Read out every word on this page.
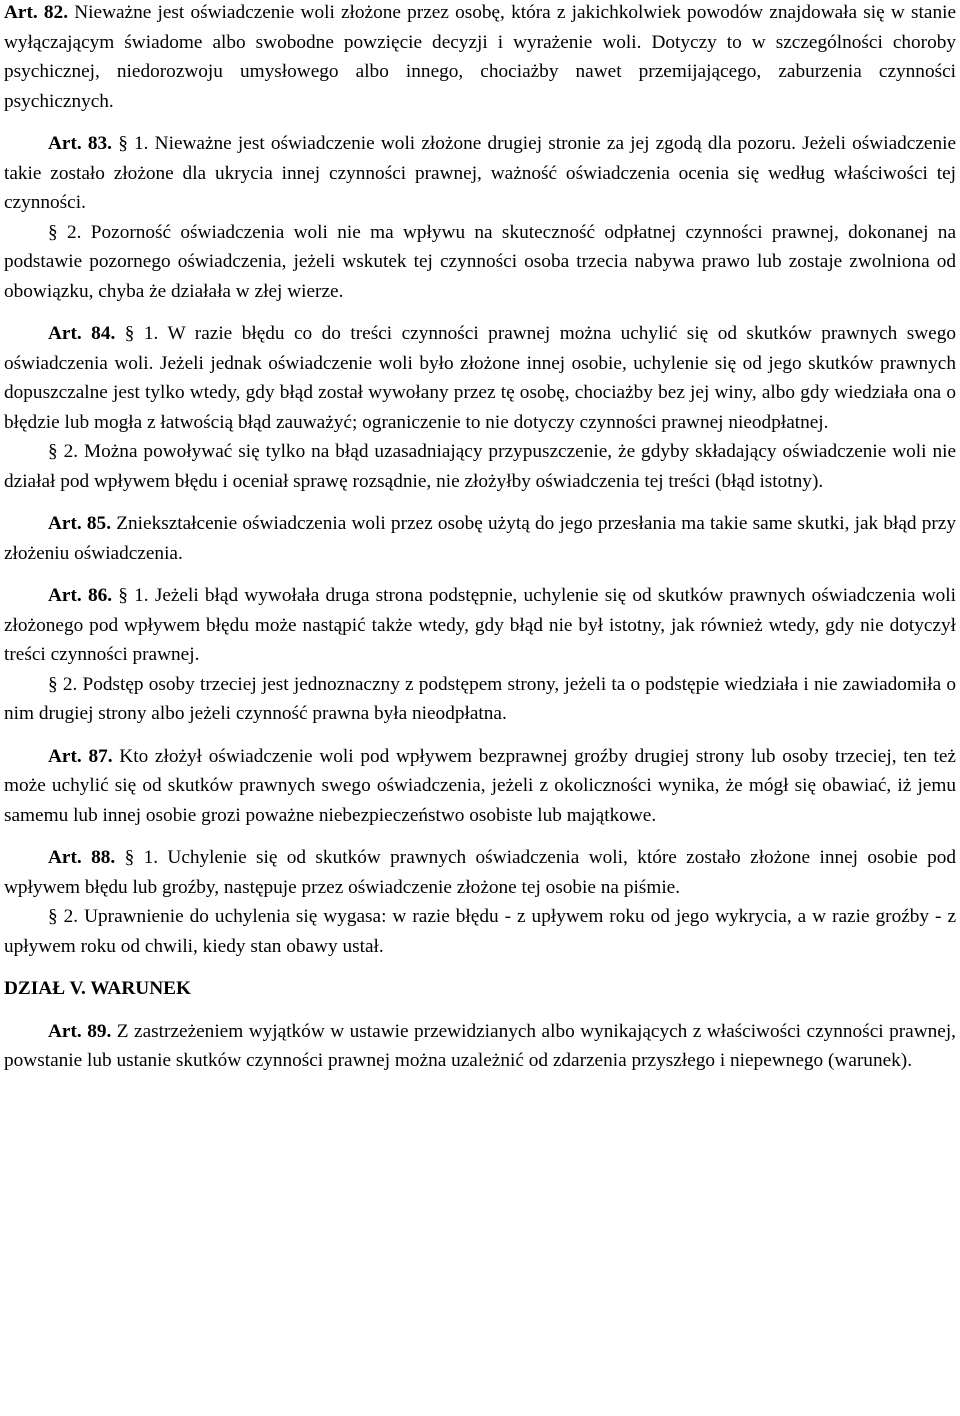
Art. 82. Nieważne jest oświadczenie woli złożone przez osobę, która z jakichkolwiek powodów znajdowała się w stanie wyłączającym świadome albo swobodne powzięcie decyzji i wyrażenie woli. Dotyczy to w szczególności choroby psychicznej, niedorozwoju umysłowego albo innego, chociażby nawet przemijającego, zaburzenia czynności psychicznych.

Art. 83. § 1. Nieważne jest oświadczenie woli złożone drugiej stronie za jej zgodą dla pozoru. Jeżeli oświadczenie takie zostało złożone dla ukrycia innej czynności prawnej, ważność oświadczenia ocenia się według właściwości tej czynności.

§ 2. Pozorność oświadczenia woli nie ma wpływu na skuteczność odpłatnej czynności prawnej, dokonanej na podstawie pozornego oświadczenia, jeżeli wskutek tej czynności osoba trzecia nabywa prawo lub zostaje zwolniona od obowiązku, chyba że działała w złej wierze.

Art. 84. § 1. W razie błędu co do treści czynności prawnej można uchylić się od skutków prawnych swego oświadczenia woli. Jeżeli jednak oświadczenie woli było złożone innej osobie, uchylenie się od jego skutków prawnych dopuszczalne jest tylko wtedy, gdy błąd został wywołany przez tę osobę, chociażby bez jej winy, albo gdy wiedziała ona o błędzie lub mogła z łatwością błąd zauważyć; ograniczenie to nie dotyczy czynności prawnej nieodpłatnej.

§ 2. Można powoływać się tylko na błąd uzasadniający przypuszczenie, że gdyby składający oświadczenie woli nie działał pod wpływem błędu i oceniał sprawę rozsądnie, nie złożyłby oświadczenia tej treści (błąd istotny).

Art. 85. Zniekształcenie oświadczenia woli przez osobę użytą do jego przesłania ma takie same skutki, jak błąd przy złożeniu oświadczenia.

Art. 86. § 1. Jeżeli błąd wywołała druga strona podstępnie, uchylenie się od skutków prawnych oświadczenia woli złożonego pod wpływem błędu może nastąpić także wtedy, gdy błąd nie był istotny, jak również wtedy, gdy nie dotyczył treści czynności prawnej.

§ 2. Podstęp osoby trzeciej jest jednoznaczny z podstępem strony, jeżeli ta o podstępie wiedziała i nie zawiadomiła o nim drugiej strony albo jeżeli czynność prawna była nieodpłatna.

Art. 87. Kto złożył oświadczenie woli pod wpływem bezprawnej groźby drugiej strony lub osoby trzeciej, ten też może uchylić się od skutków prawnych swego oświadczenia, jeżeli z okoliczności wynika, że mógł się obawiać, iż jemu samemu lub innej osobie grozi poważne niebezpieczeństwo osobiste lub majątkowe.

Art. 88. § 1. Uchylenie się od skutków prawnych oświadczenia woli, które zostało złożone innej osobie pod wpływem błędu lub groźby, następuje przez oświadczenie złożone tej osobie na piśmie.

§ 2. Uprawnienie do uchylenia się wygasa: w razie błędu - z upływem roku od jego wykrycia, a w razie groźby - z upływem roku od chwili, kiedy stan obawy ustał.

DZIAŁ V. WARUNEK

Art. 89. Z zastrzeżeniem wyjątków w ustawie przewidzianych albo wynikających z właściwości czynności prawnej, powstanie lub ustanie skutków czynności prawnej można uzależnić od zdarzenia przyszłego i niepewnego (warunek).
